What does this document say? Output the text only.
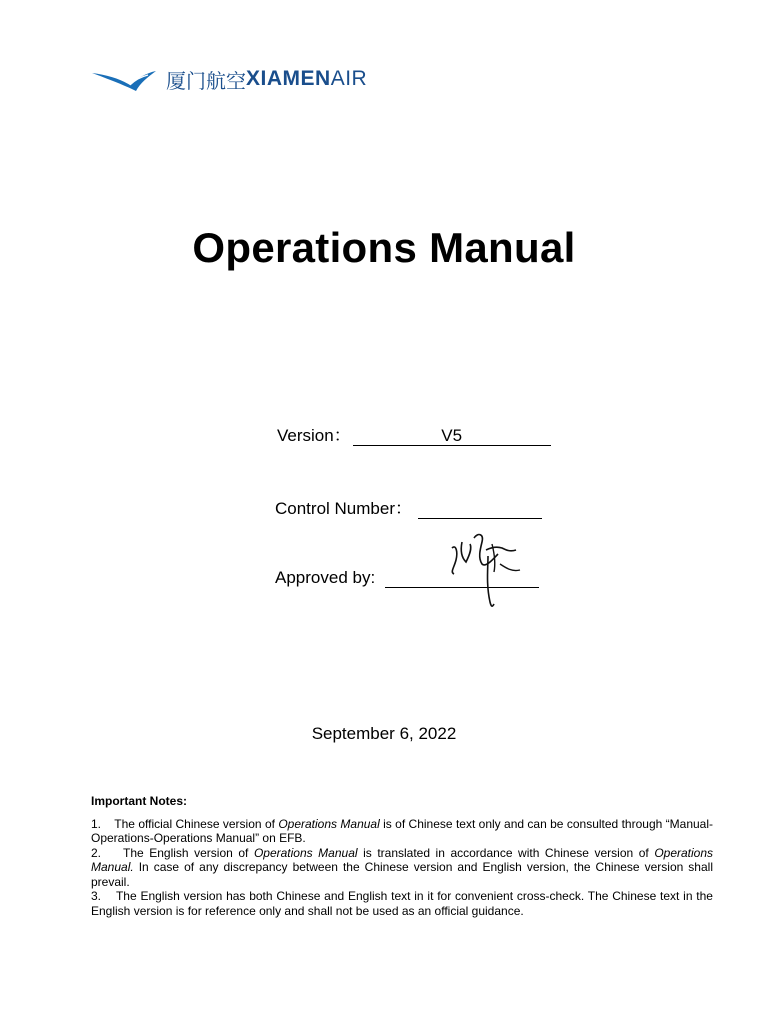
厦门航空 XIAMEN AIR
Operations Manual
Version：	V5
Control Number：
Approved by:
September 6, 2022
Important Notes:
1. The official Chinese version of Operations Manual is of Chinese text only and can be consulted through “Manual-Operations-Operations Manual” on EFB.
2. The English version of Operations Manual is translated in accordance with Chinese version of Operations Manual. In case of any discrepancy between the Chinese version and English version, the Chinese version shall prevail.
3. The English version has both Chinese and English text in it for convenient cross-check. The Chinese text in the English version is for reference only and shall not be used as an official guidance.
